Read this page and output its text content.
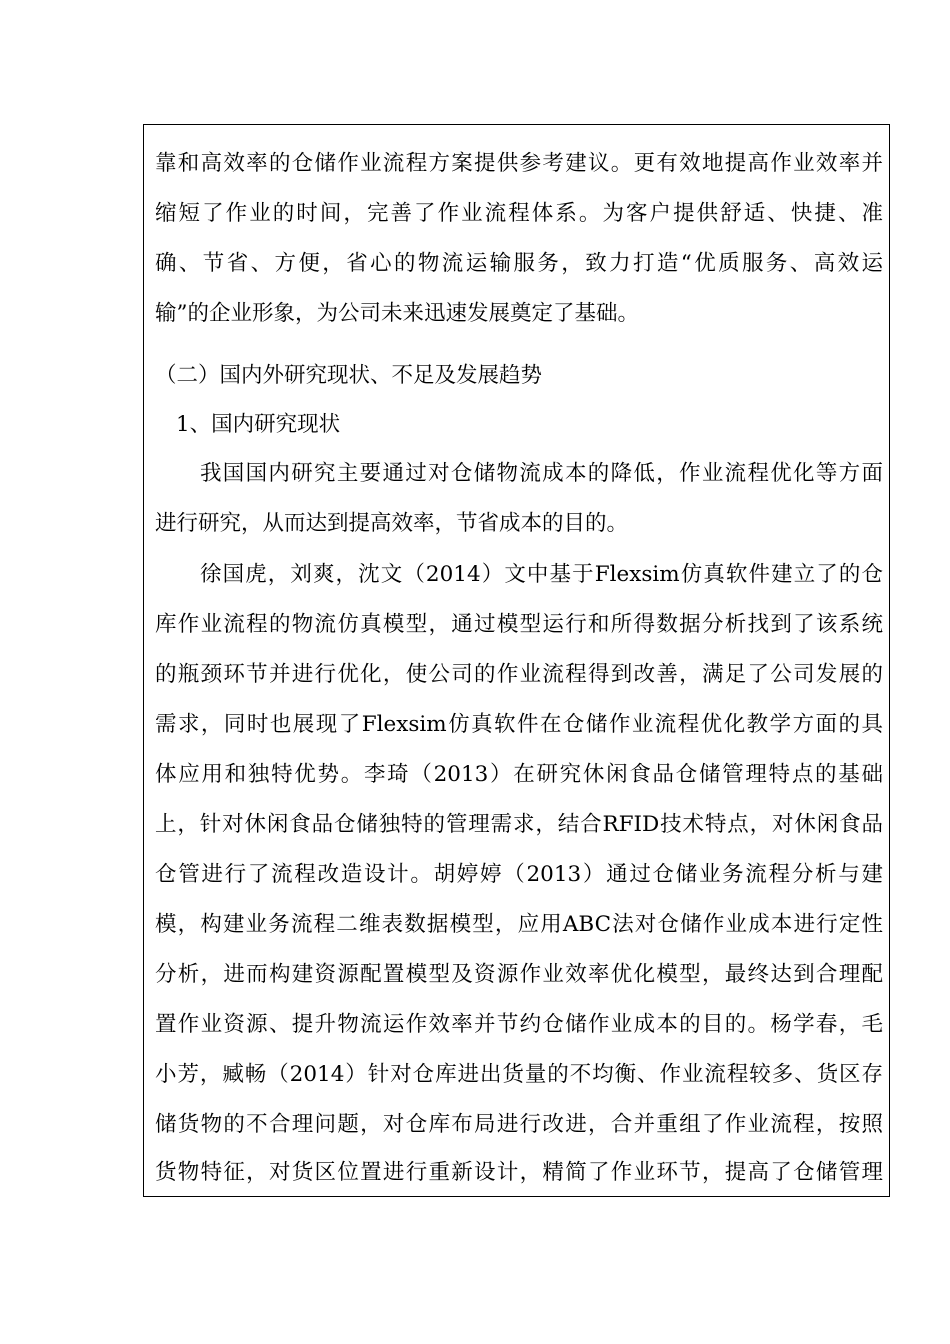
靠和高效率的仓储作业流程方案提供参考建议。更有效地提高作业效率并
缩短了作业的时间，完善了作业流程体系。为客户提供舒适、快捷、准
确、节省、方便，省心的物流运输服务，致力打造“优质服务、高效运
输”的企业形象，为公司未来迅速发展奠定了基础。
（二）国内外研究现状、不足及发展趋势
1、国内研究现状
我国国内研究主要通过对仓储物流成本的降低，作业流程优化等方面
进行研究，从而达到提高效率，节省成本的目的。
徐国虎，刘爽，沈文（2014）文中基于Flexsim仿真软件建立了的仓
库作业流程的物流仿真模型，通过模型运行和所得数据分析找到了该系统
的瓶颈环节并进行优化，使公司的作业流程得到改善，满足了公司发展的
需求，同时也展现了Flexsim仿真软件在仓储作业流程优化教学方面的具
体应用和独特优势。李琦（2013）在研究休闲食品仓储管理特点的基础
上，针对休闲食品仓储独特的管理需求，结合RFID技术特点，对休闲食品
仓管进行了流程改造设计。胡婷婷（2013）通过仓储业务流程分析与建
模，构建业务流程二维表数据模型，应用ABC法对仓储作业成本进行定性
分析，进而构建资源配置模型及资源作业效率优化模型，最终达到合理配
置作业资源、提升物流运作效率并节约仓储作业成本的目的。杨学春，毛
小芳，臧畅（2014）针对仓库进出货量的不均衡、作业流程较多、货区存
储货物的不合理问题，对仓库布局进行改进，合并重组了作业流程，按照
货物特征，对货区位置进行重新设计，精简了作业环节，提高了仓储管理
